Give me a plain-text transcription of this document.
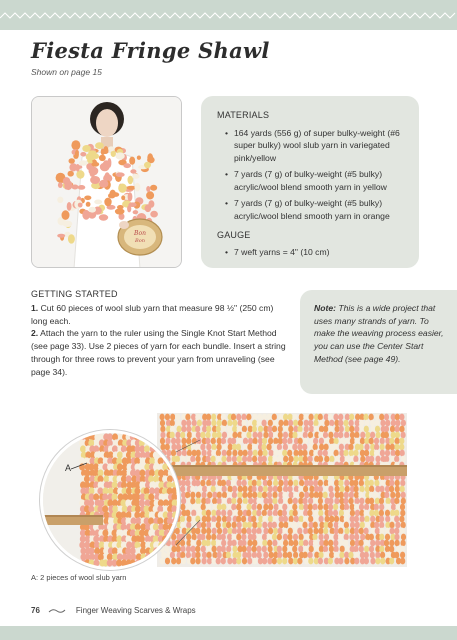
Fiesta Fringe Shawl
Shown on page 15
Bon
Bon
MATERIALS
• 164 yards (556 g) of super bulky-weight (#6 super bulky) wool slub yarn in variegated pink/yellow
• 7 yards (7 g) of bulky-weight (#5 bulky) acrylic/wool blend smooth yarn in yellow
• 7 yards (7 g) of bulky-weight (#5 bulky) acrylic/wool blend smooth yarn in orange
GAUGE
• 7 weft yarns = 4" (10 cm)
GETTING STARTED

1. Cut 60 pieces of wool slub yarn that measure 98 ½" (250 cm) long each.

2. Attach the yarn to the ruler using the Single Knot Start Method (see page 33). Use 2 pieces of yarn for each bundle. Insert a string through for three rows to prevent your yarn from unraveling (see page 34).

Note: This is a wide project that uses many strands of yarn. To make the weaving process easier, you can use the Center Start Method (see page 49).
A
A: 2 pieces of wool slub yarn
76	Finger Weaving Scarves & Wraps
